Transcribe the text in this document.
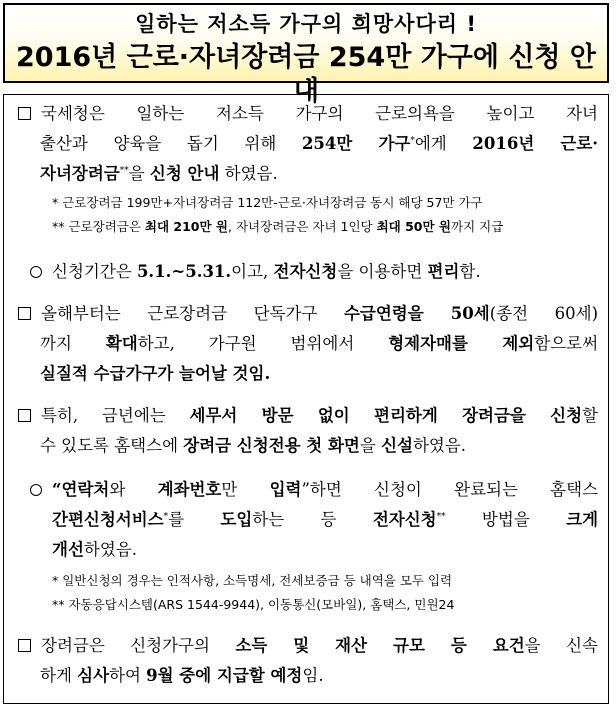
일하는 저소득 가구의 희망사다리 !
2016년 근로·자녀장려금 254만 가구에 신청 안내
국세청은 일하는 저소득 가구의 근로의욕을 높이고 자녀
출산과 양육을 돕기 위해 254만 가구*에게 2016년 근로·
자녀장려금**을 신청 안내 하였음.
* 근로장려금 199만+자녀장려금 112만-근로·자녀장려금 동시 해당 57만 가구
** 근로장려금은 최대 210만 원, 자녀장려금은 자녀 1인당 최대 50만 원까지 지급
신청기간은 5.1.~5.31.이고, 전자신청을 이용하면 편리함.
올해부터는 근로장려금 단독가구 수급연령을 50세(종전 60세)
까지 확대하고, 가구원 범위에서 형제자매를 제외함으로써
실질적 수급가구가 늘어날 것임.
특히, 금년에는 세무서 방문 없이 편리하게 장려금을 신청할
수 있도록 홈택스에 장려금 신청전용 첫 화면을 신설하였음.
“연락처와 계좌번호만 입력”하면 신청이 완료되는 홈택스
간편신청서비스*를 도입하는 등 전자신청** 방법을 크게
개선하였음.
* 일반신청의 경우는 인적사항, 소득명세, 전세보증금 등 내역을 모두 입력
** 자동응답시스템(ARS 1544-9944), 이동통신(모바일), 홈택스, 민원24
장려금은 신청가구의 소득 및 재산 규모 등 요건을 신속
하게 심사하여 9월 중에 지급할 예정임.
